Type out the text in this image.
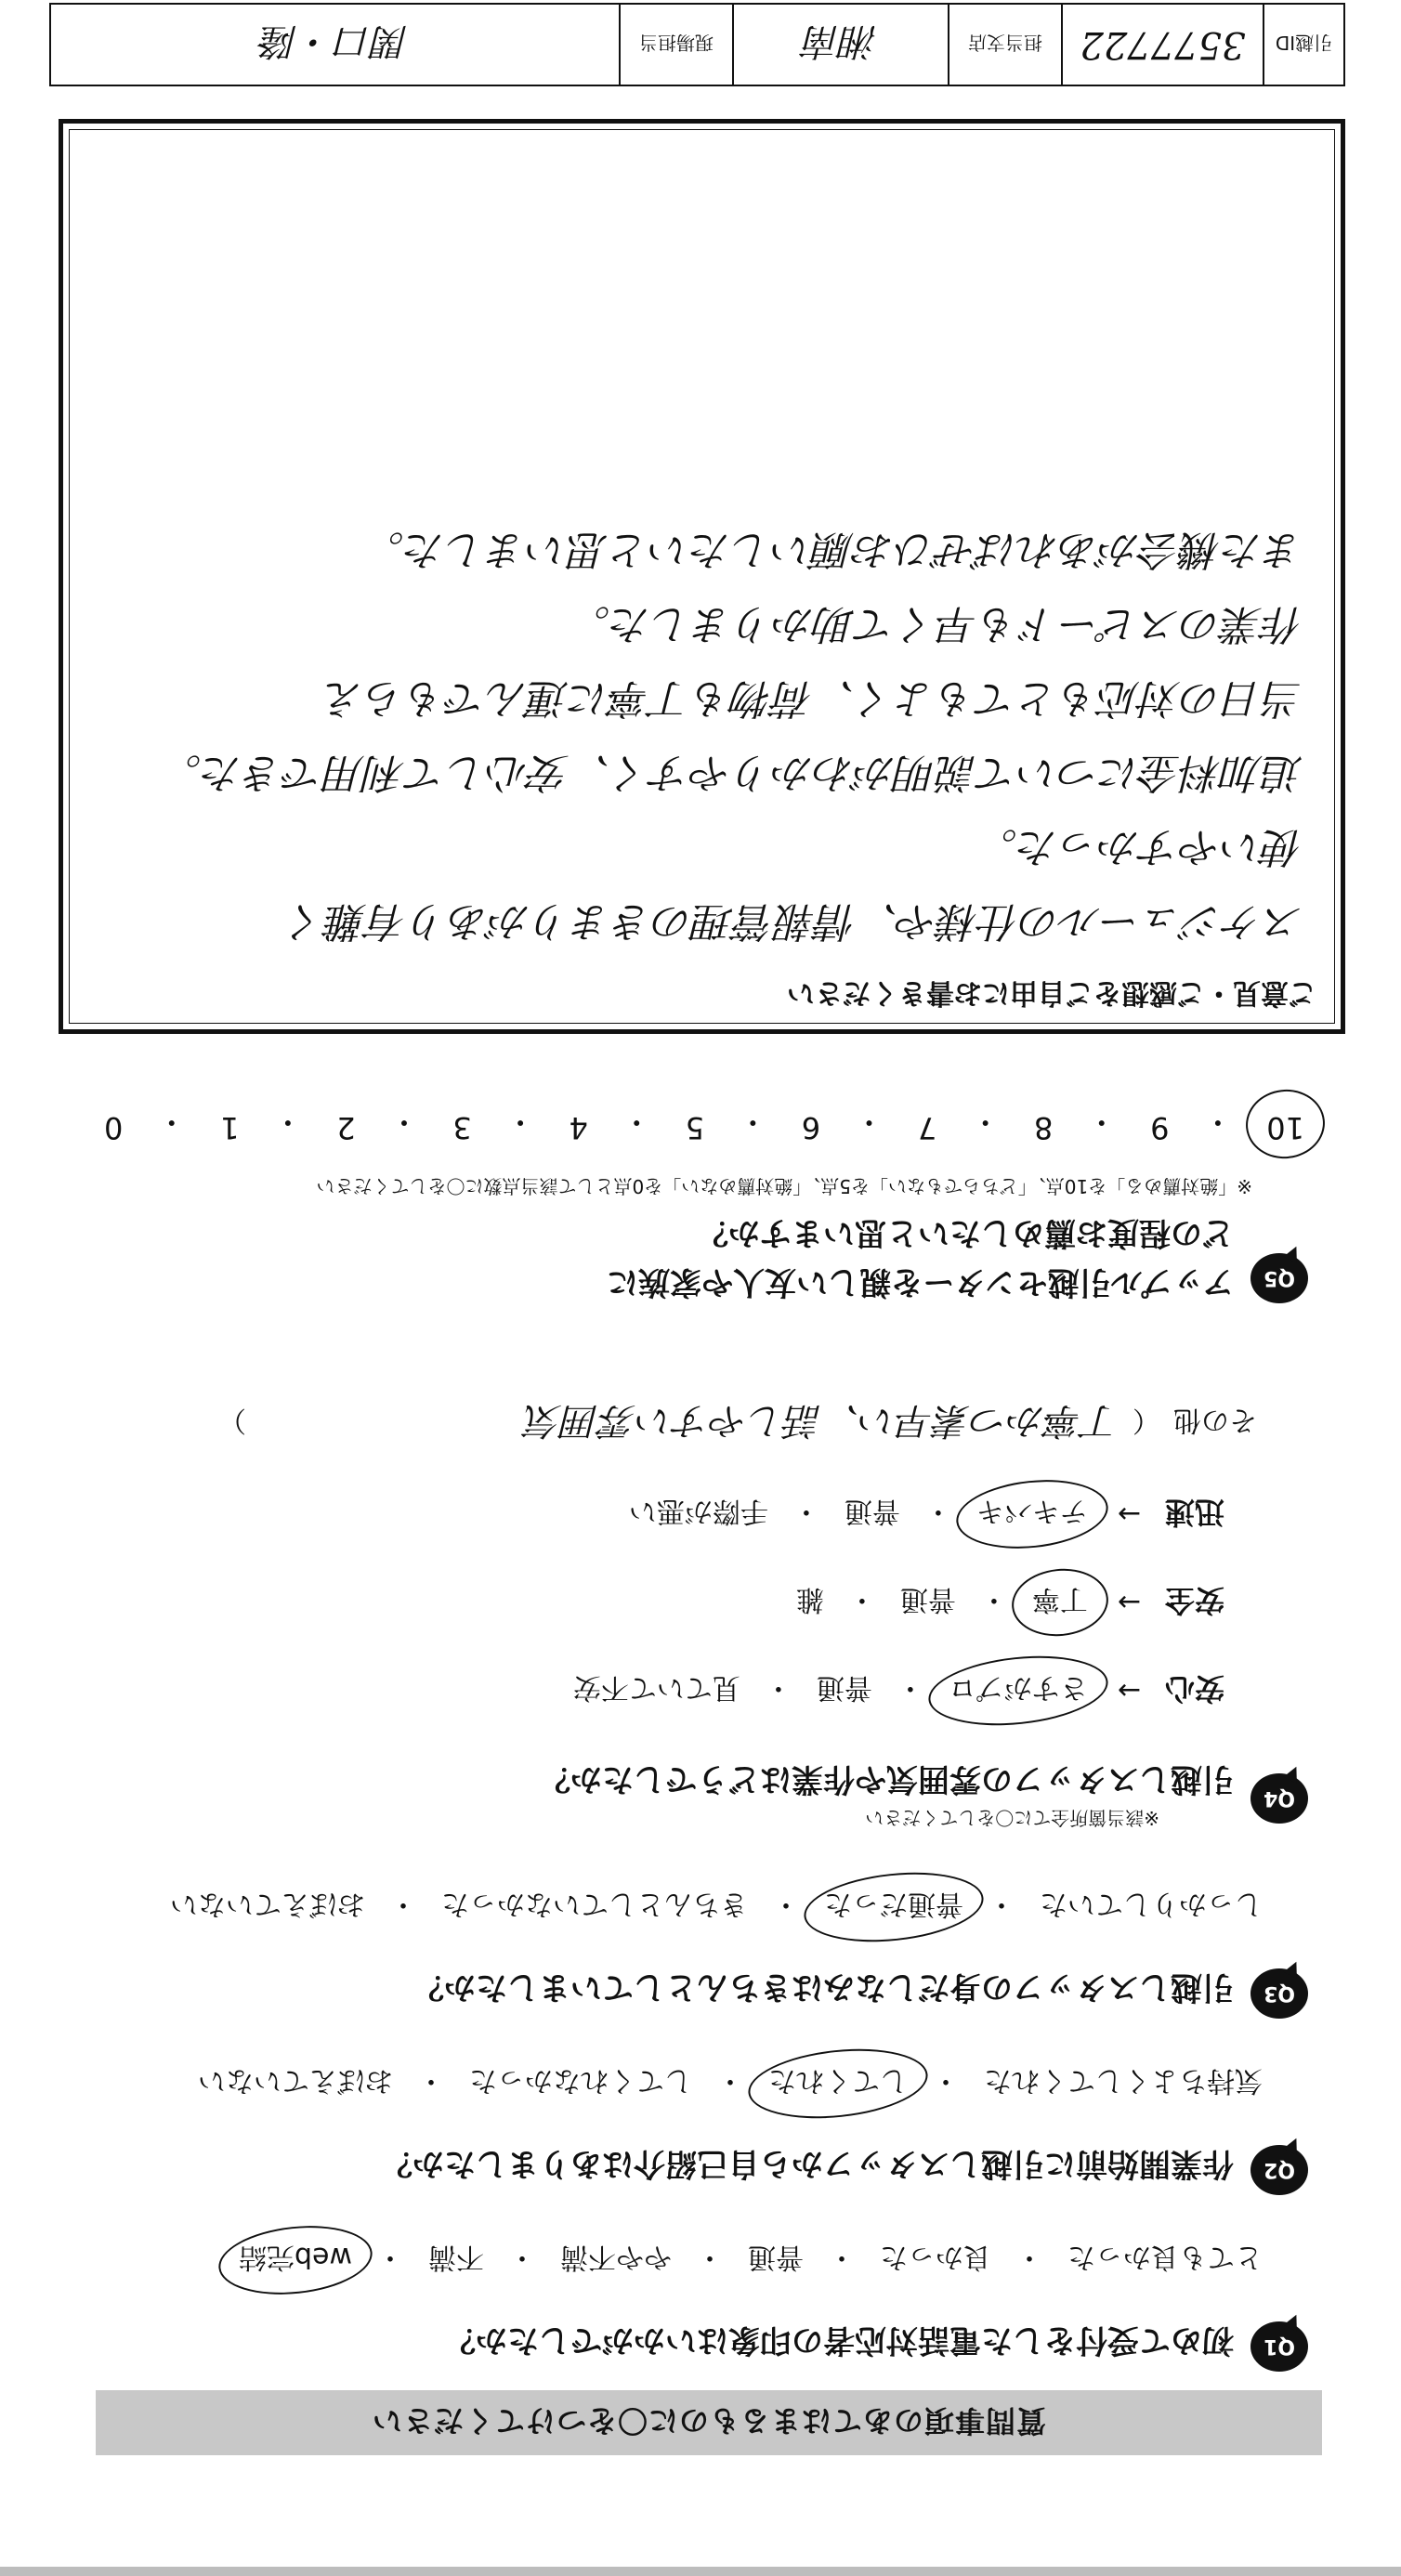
質問事項のあてはまるものに〇をつけてください
Q1
初めて受付をした電話対応者の印象はいかがでしたか？
とても良かった
・
良かった
・
普通
・
やや不満
・
不満
・
web完結
Q2
作業開始前に引越しスタッフから自己紹介はありましたか？
気持ちよくしてくれた
・
してくれた
・
してくれなかった
・
おぼえていない
Q3
引越しスタッフの身だしなみはきちんとしていましたか？
しっかりしていた
・
普通だった
・
きちんとしていなかった
・
おぼえていない
Q4
※該当箇所全てに〇をしてください
引越しスタッフの雰囲気や作業はどうでしたか？
安心
→
さすがプロ
・
普通
・
見ていて不安
安全
→
丁寧
・
普通
・
雑
迅速
→
テキパキ
・
普通
・
手際が悪い
その他
（
丁寧かつ素早い、話しやすい雰囲気
）
Q5
アップル引越センターを親しい友人や家族に
どの程度お薦めしたいと思いますか？
※「絶対薦める」を10点、「どちらでもない」を5点、「絶対薦めない」を0点として該当点数に〇をしてください
10
・
9
・
8
・
7
・
6
・
5
・
4
・
3
・
2
・
1
・
0
ご意見・ご感想をご自由にお書きください
スケジュールの仕様や、情報管理のきまりがあり有難く
使いやすかった。
追加料金について説明がわかりやすく、安心して利用できた。
当日の対応もとてもよく、荷物も丁寧に運んでもらえ
作業のスピードも早くて助かりました。
また機会があればぜひお願いしたいと思いました。
引越ID
3577722
担当支店
湘南
現場担当
関口・隆
